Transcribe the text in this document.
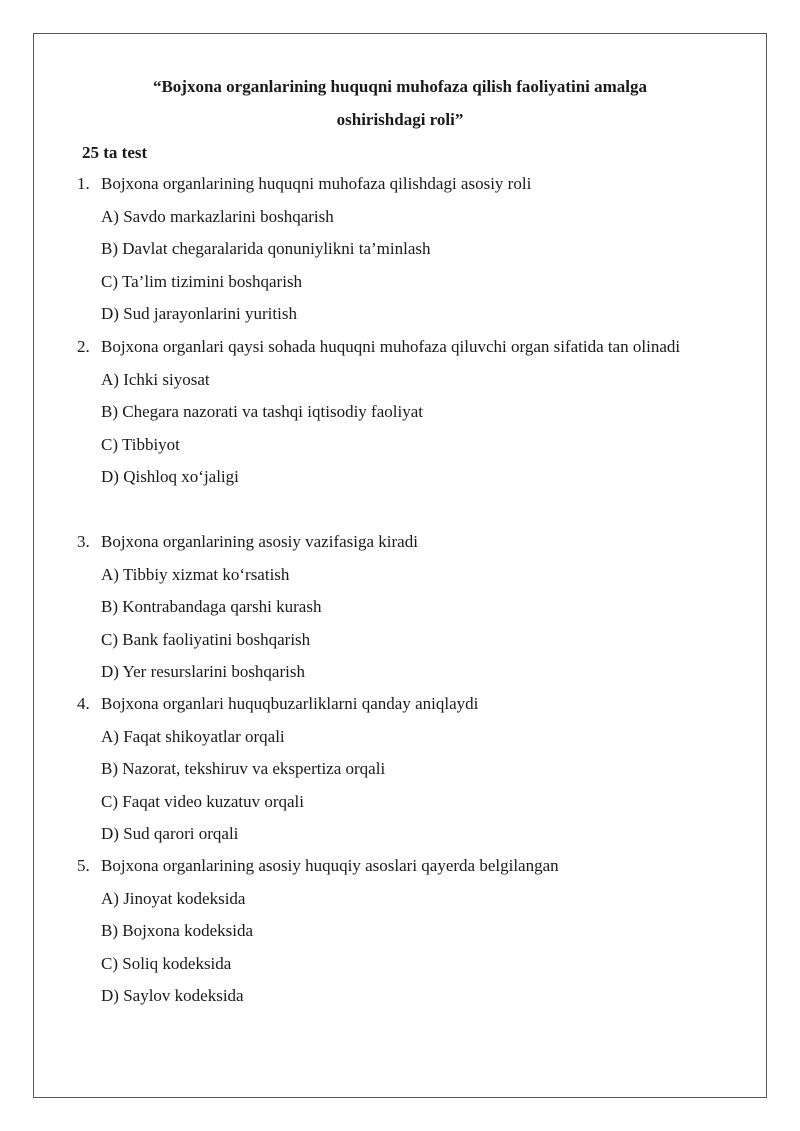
“Bojxona organlarining huquqni muhofaza qilish faoliyatini amalga
oshirishdagi roli”
25 ta test
1. Bojxona organlarining huquqni muhofaza qilishdagi asosiy roli
A) Savdo markazlarini boshqarish
B) Davlat chegaralarida qonuniylikni ta’minlash
C) Ta’lim tizimini boshqarish
D) Sud jarayonlarini yuritish
2. Bojxona organlari qaysi sohada huquqni muhofaza qiluvchi organ sifatida tan olinadi
A) Ichki siyosat
B) Chegara nazorati va tashqi iqtisodiy faoliyat
C) Tibbiyot
D) Qishloq xo‘jaligi
3. Bojxona organlarining asosiy vazifasiga kiradi
A) Tibbiy xizmat ko‘rsatish
B) Kontrabandaga qarshi kurash
C) Bank faoliyatini boshqarish
D) Yer resurslarini boshqarish
4. Bojxona organlari huquqbuzarliklarni qanday aniqlaydi
A) Faqat shikoyatlar orqali
B) Nazorat, tekshiruv va ekspertiza orqali
C) Faqat video kuzatuv orqali
D) Sud qarori orqali
5. Bojxona organlarining asosiy huquqiy asoslari qayerda belgilangan
A) Jinoyat kodeksida
B) Bojxona kodeksida
C) Soliq kodeksida
D) Saylov kodeksida
